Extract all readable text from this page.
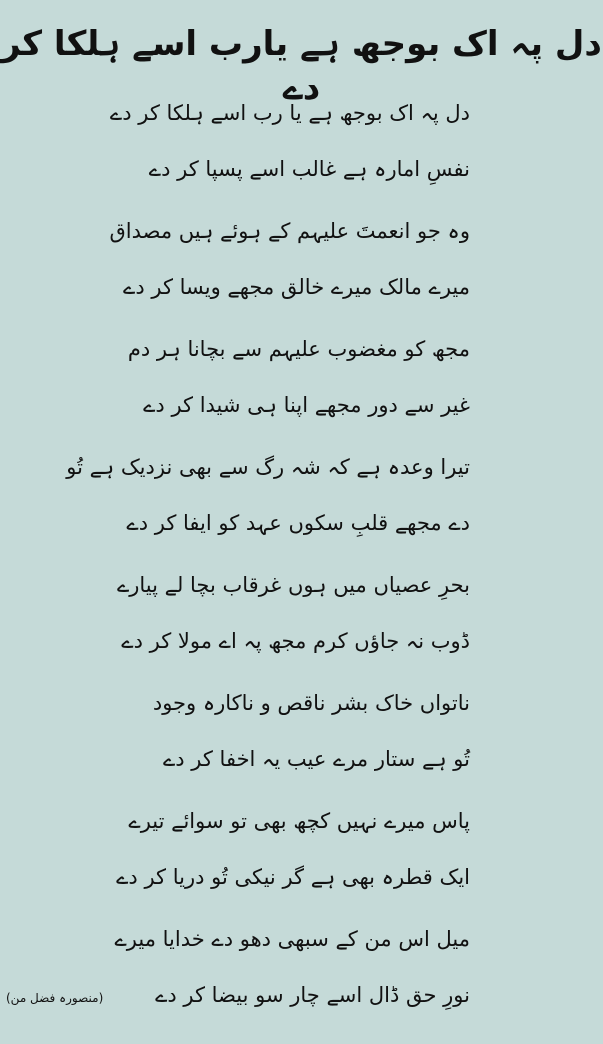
دل پہ اک بوجھ ہے یارب اسے ہلکا کر دے
دل پہ اک بوجھ ہے یا رب اسے ہلکا کر دے
نفسِ امارہ ہے غالب اسے پسپا کر دے
وہ جو انعمتَ علیہم کے ہوئے ہیں مصداق
میرے مالک میرے خالق مجھے ویسا کر دے
مجھ کو مغضوب علیہم سے بچانا ہر دم
غیر سے دور مجھے اپنا ہی شیدا کر دے
تیرا وعدہ ہے کہ شہ رگ سے بھی نزدیک ہے تُو
دے مجھے قلبِ سکوں عہد کو ایفا کر دے
بحرِ عصیاں میں ہوں غرقاب بچا لے پیارے
ڈوب نہ جاؤں کرم مجھ پہ اے مولا کر دے
ناتواں خاک بشر ناقص و ناکارہ وجود
تُو ہے ستار مرے عیب یہ اخفا کر دے
پاس میرے نہیں کچھ بھی تو سوائے تیرے
ایک قطرہ بھی ہے گر نیکی تُو دریا کر دے
میل اس من کے سبھی دھو دے خدایا میرے
نورِ حق ڈال اسے چار سو بیضا کر دے
(منصورہ فضل من)
